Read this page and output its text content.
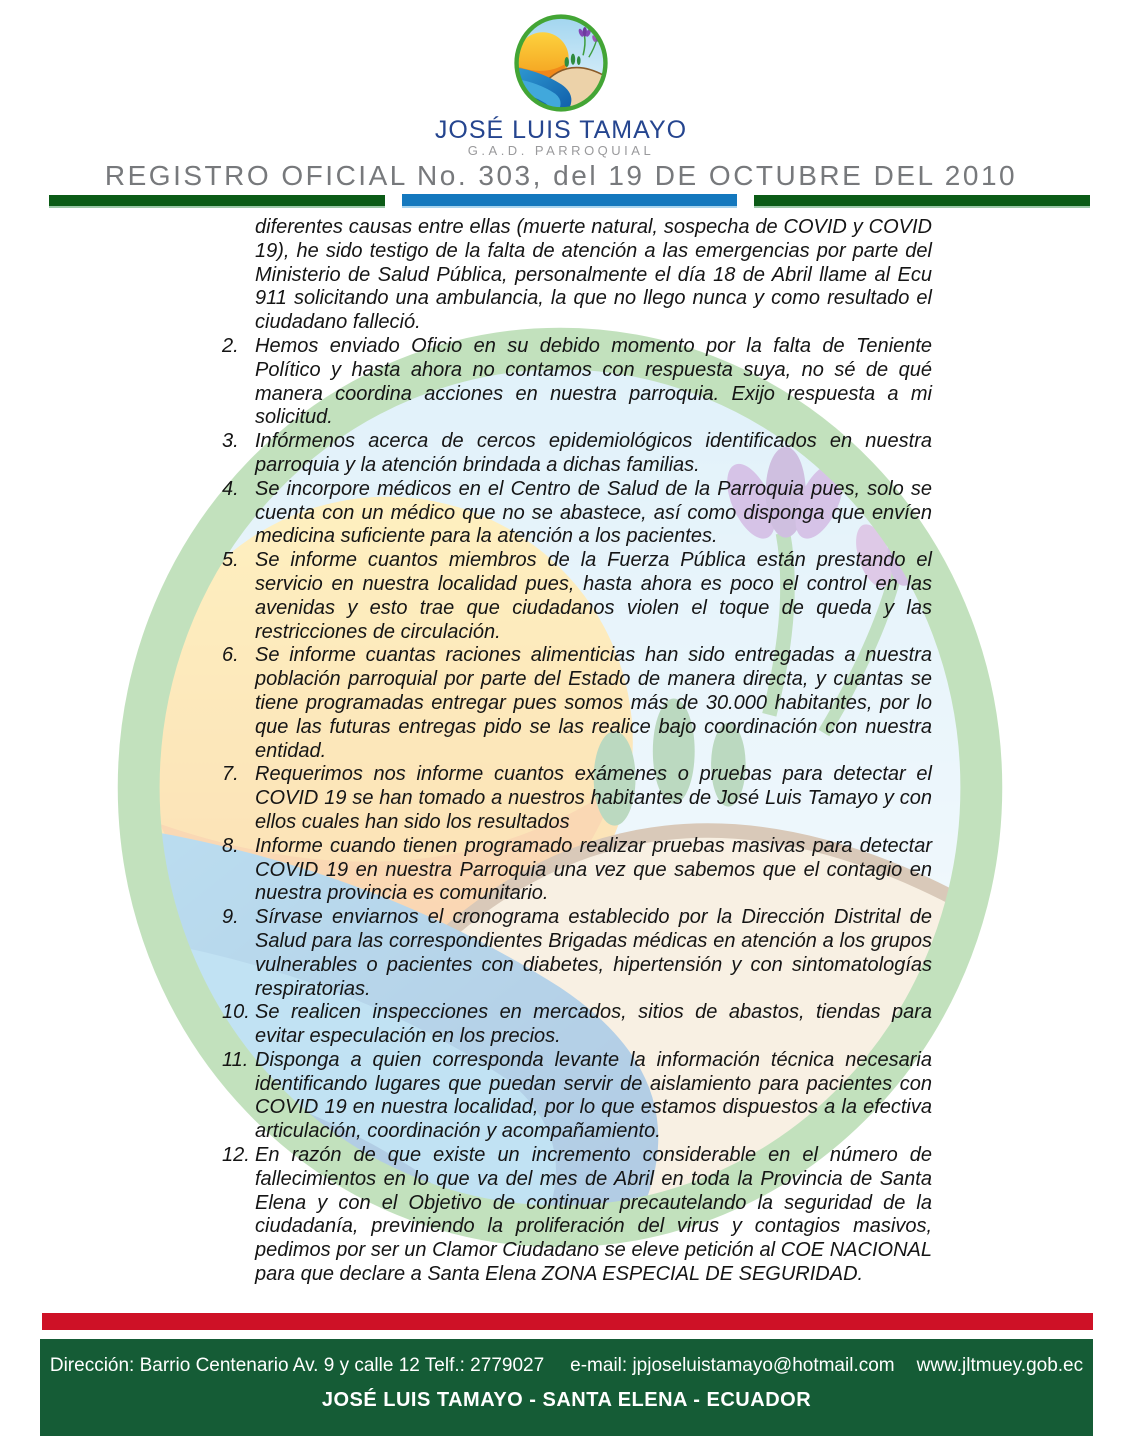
JOSÉ LUIS TAMAYO
G.A.D. PARROQUIAL
REGISTRO OFICIAL No. 303, del 19 DE OCTUBRE DEL 2010

diferentes causas entre ellas (muerte natural, sospecha de COVID y COVID 19), he sido testigo de la falta de atención a las emergencias por parte del Ministerio de Salud Pública, personalmente el día 18 de Abril llame al Ecu 911 solicitando una ambulancia, la que no llego nunca y como resultado el ciudadano falleció.

2. Hemos enviado Oficio en su debido momento por la falta de Teniente Político y hasta ahora no contamos con respuesta suya, no sé de qué manera coordina acciones en nuestra parroquia. Exijo respuesta a mi solicitud.
3. Infórmenos acerca de cercos epidemiológicos identificados en nuestra parroquia y la atención brindada a dichas familias.
4. Se incorpore médicos en el Centro de Salud de la Parroquia pues, solo se cuenta con un médico que no se abastece, así como disponga que envíen medicina suficiente para la atención a los pacientes.
5. Se informe cuantos miembros de la Fuerza Pública están prestando el servicio en nuestra localidad pues, hasta ahora es poco el control en las avenidas y esto trae que ciudadanos violen el toque de queda y las restricciones de circulación.
6. Se informe cuantas raciones alimenticias han sido entregadas a nuestra población parroquial por parte del Estado de manera directa, y cuantas se tiene programadas entregar pues somos más de 30.000 habitantes, por lo que las futuras entregas pido se las realice bajo coordinación con nuestra entidad.
7. Requerimos nos informe cuantos exámenes o pruebas para detectar el COVID 19 se han tomado a nuestros habitantes de José Luis Tamayo y con ellos cuales han sido los resultados
8. Informe cuando tienen programado realizar pruebas masivas para detectar COVID 19 en nuestra Parroquia una vez que sabemos que el contagio en nuestra provincia es comunitario.
9. Sírvase enviarnos el cronograma establecido por la Dirección Distrital de Salud para las correspondientes Brigadas médicas en atención a los grupos vulnerables o pacientes con diabetes, hipertensión y con sintomatologías respiratorias.
10. Se realicen inspecciones en mercados, sitios de abastos, tiendas para evitar especulación en los precios.
11. Disponga a quien corresponda levante la información técnica necesaria identificando lugares que puedan servir de aislamiento para pacientes con COVID 19 en nuestra localidad, por lo que estamos dispuestos a la efectiva articulación, coordinación y acompañamiento.
12. En razón de que existe un incremento considerable en el número de fallecimientos en lo que va del mes de Abril en toda la Provincia de Santa Elena y con el Objetivo de continuar precautelando la seguridad de la ciudadanía, previniendo la proliferación del virus y contagios masivos, pedimos por ser un Clamor Ciudadano se eleve petición al COE NACIONAL para que declare a Santa Elena ZONA ESPECIAL DE SEGURIDAD.
Dirección: Barrio Centenario Av. 9 y calle 12 Telf.: 2779027 e-mail: jpjoseluistamayo@hotmail.com www.jltmuey.gob.ec
JOSÉ LUIS TAMAYO - SANTA ELENA - ECUADOR
